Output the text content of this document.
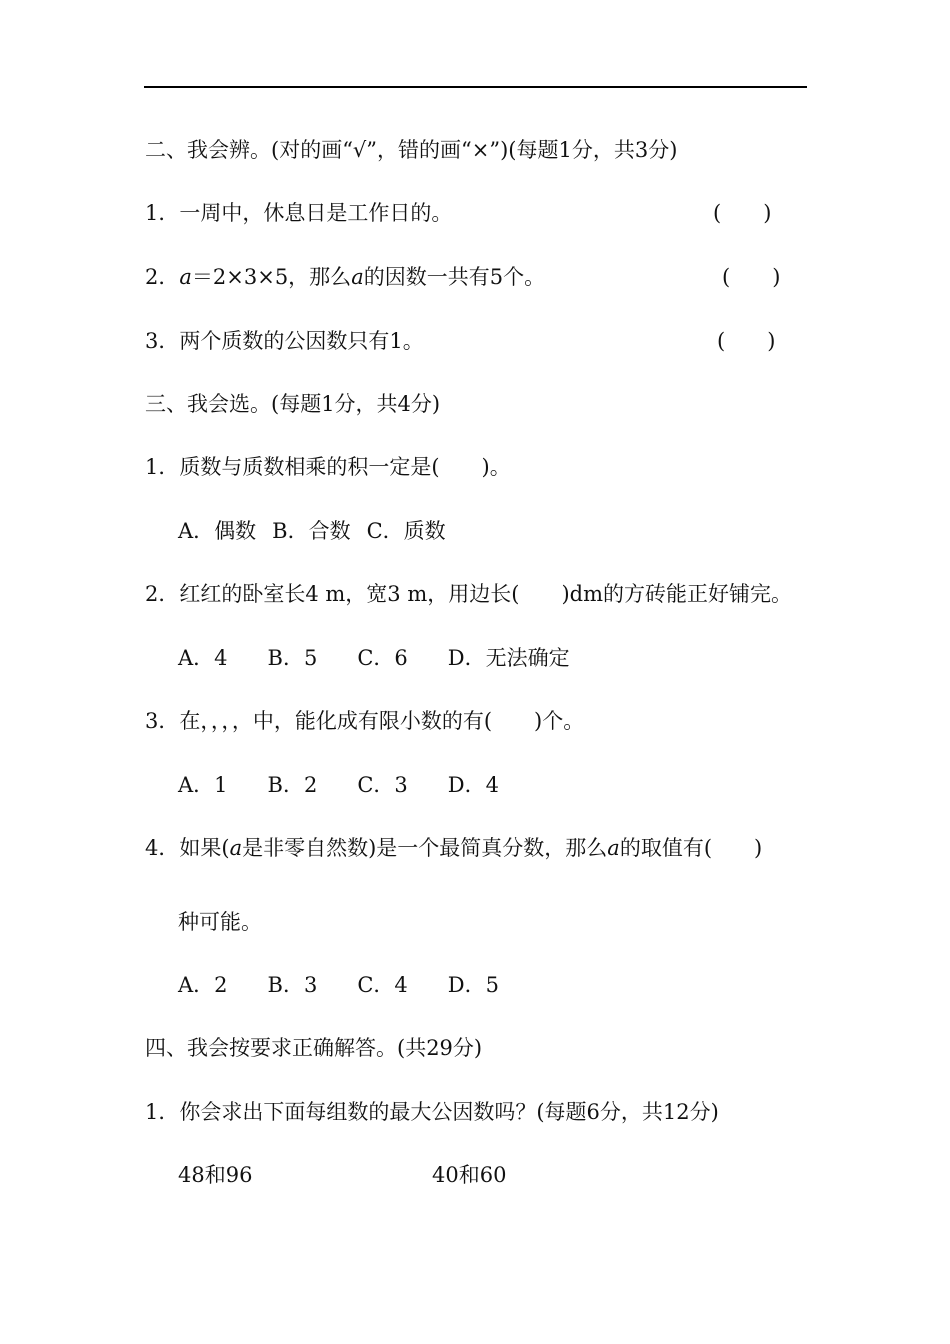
二、我会辨。(对的画“√”，错的画“×”)(每题1分，共3分)
1．一周中，休息日是工作日的。	(　　)
2．a＝2×3×5，那么a的因数一共有5个。	(　　)
3．两个质数的公因数只有1。	(　　)
三、我会选。(每题1分，共4分)
1．质数与质数相乘的积一定是(　　)。
A．偶数 B．合数 C．质数
2．红红的卧室长4 m，宽3 m，用边长(　　)dm的方砖能正好铺完。
A．4 B．5 C．6 D．无法确定
3．在，，，，中，能化成有限小数的有(　　)个。
A．1 B．2 C．3 D．4
4．如果(a是非零自然数)是一个最简真分数，那么a的取值有(　　)
种可能。
A．2 B．3 C．4 D．5
四、我会按要求正确解答。(共29分)
1．你会求出下面每组数的最大公因数吗？(每题6分，共12分)
48和96	40和60
